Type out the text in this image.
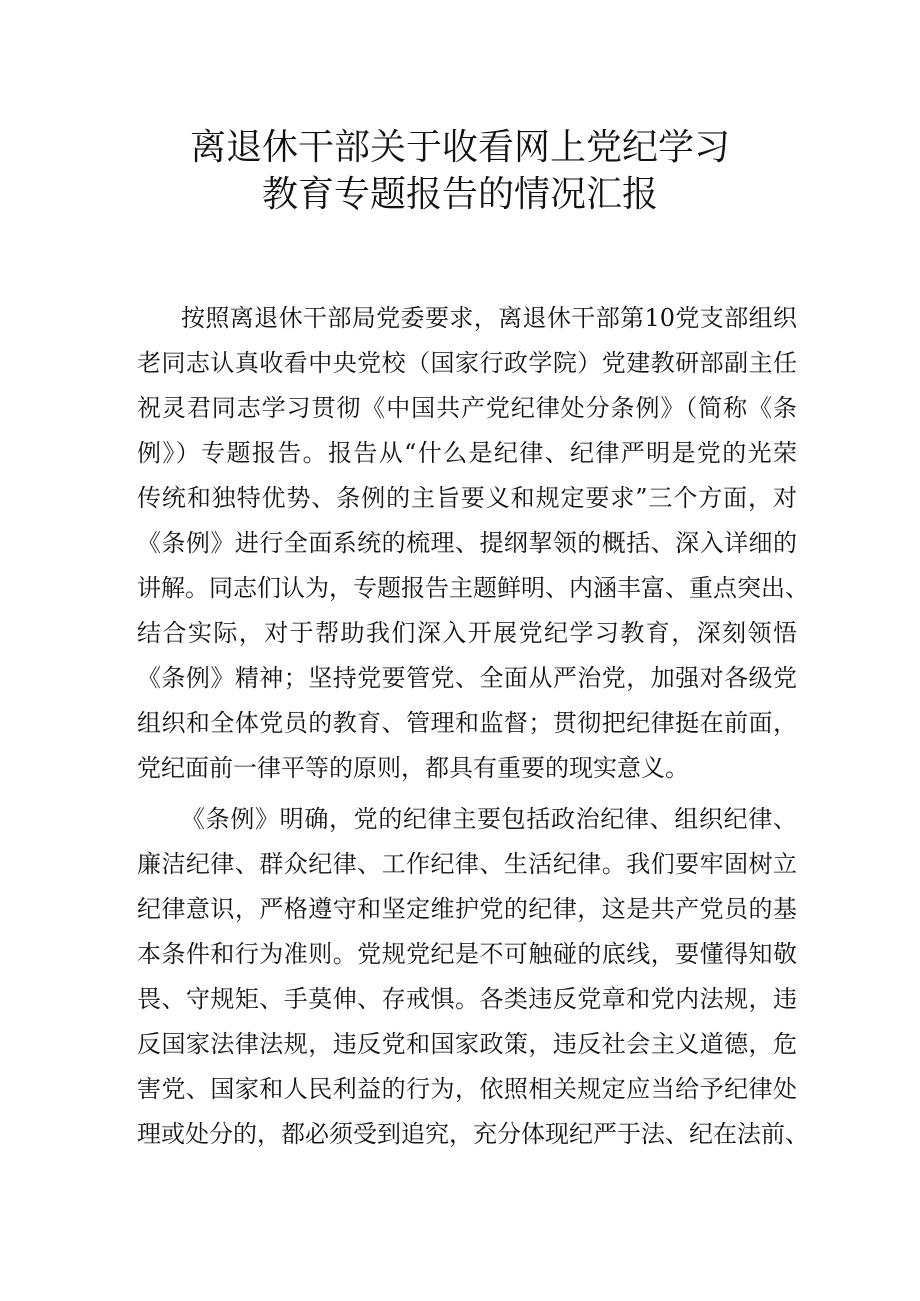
离退休干部关于收看网上党纪学习
教育专题报告的情况汇报
按照离退休干部局党委要求，离退休干部第10党支部组织
老同志认真收看中央党校（国家行政学院）党建教研部副主任
祝灵君同志学习贯彻《中国共产党纪律处分条例》（简称《条
例》）专题报告。报告从“什么是纪律、纪律严明是党的光荣
传统和独特优势、条例的主旨要义和规定要求”三个方面，对
《条例》进行全面系统的梳理、提纲挈领的概括、深入详细的
讲解。同志们认为，专题报告主题鲜明、内涵丰富、重点突出、
结合实际，对于帮助我们深入开展党纪学习教育，深刻领悟
《条例》精神；坚持党要管党、全面从严治党，加强对各级党
组织和全体党员的教育、管理和监督；贯彻把纪律挺在前面，
党纪面前一律平等的原则，都具有重要的现实意义。
《条例》明确，党的纪律主要包括政治纪律、组织纪律、
廉洁纪律、群众纪律、工作纪律、生活纪律。我们要牢固树立
纪律意识，严格遵守和坚定维护党的纪律，这是共产党员的基
本条件和行为准则。党规党纪是不可触碰的底线，要懂得知敬
畏、守规矩、手莫伸、存戒惧。各类违反党章和党内法规，违
反国家法律法规，违反党和国家政策，违反社会主义道德，危
害党、国家和人民利益的行为，依照相关规定应当给予纪律处
理或处分的，都必须受到追究，充分体现纪严于法、纪在法前、
